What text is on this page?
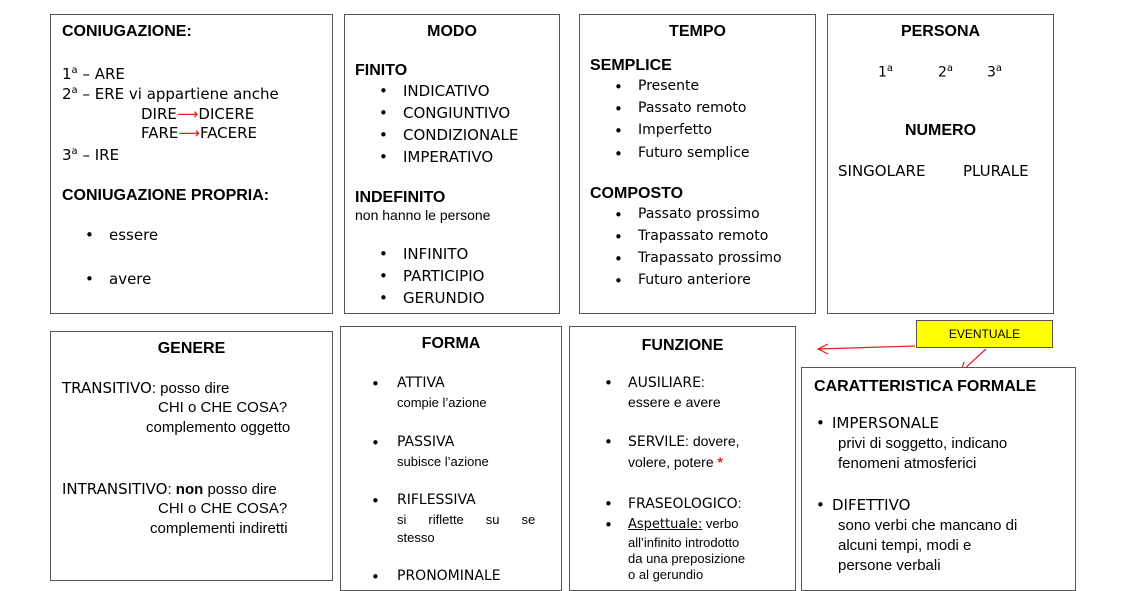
CONIUGAZIONE:
1$^a$ – ARE
2$^a$ – ERE vi appartiene anche
DIRE⟶DICERE
FARE⟶FACERE
3$^a$ – IRE
CONIUGAZIONE PROPRIA:
• essere
• avere
MODO
FINITO
• INDICATIVO
• CONGIUNTIVO
• CONDIZIONALE
• IMPERATIVO
INDEFINITO
non hanno le persone
• INFINITO
• PARTICIPIO
• GERUNDIO
TEMPO
SEMPLICE
• Presente
• Passato remoto
• Imperfetto
• Futuro semplice
COMPOSTO
• Passato prossimo
• Trapassato remoto
• Trapassato prossimo
• Futuro anteriore
PERSONA
1$^a$	2$^a$ 3$^a$
NUMERO
SINGOLARE	PLURALE
GENERE
TRANSITIVO: posso dire
CHI o CHE COSA?
complemento oggetto
INTRANSITIVO: non posso dire
CHI o CHE COSA?
complementi indiretti
FORMA
• ATTIVA
compie l’azione
• PASSIVA
subisce l’azione
• RIFLESSIVA
si riflette su se
stesso
• PRONOMINALE
FUNZIONE
• AUSILIARE:
essere e avere
• SERVILE: dovere,
volere, potere *
• FRASEOLOGICO:
• Aspettuale: verbo
all’infinito introdotto
da una preposizione
o al gerundio
EVENTUALE
CARATTERISTICA FORMALE
• IMPERSONALE
privi di soggetto, indicano
fenomeni atmosferici
• DIFETTIVO
sono verbi che mancano di
alcuni tempi, modi e
persone verbali
